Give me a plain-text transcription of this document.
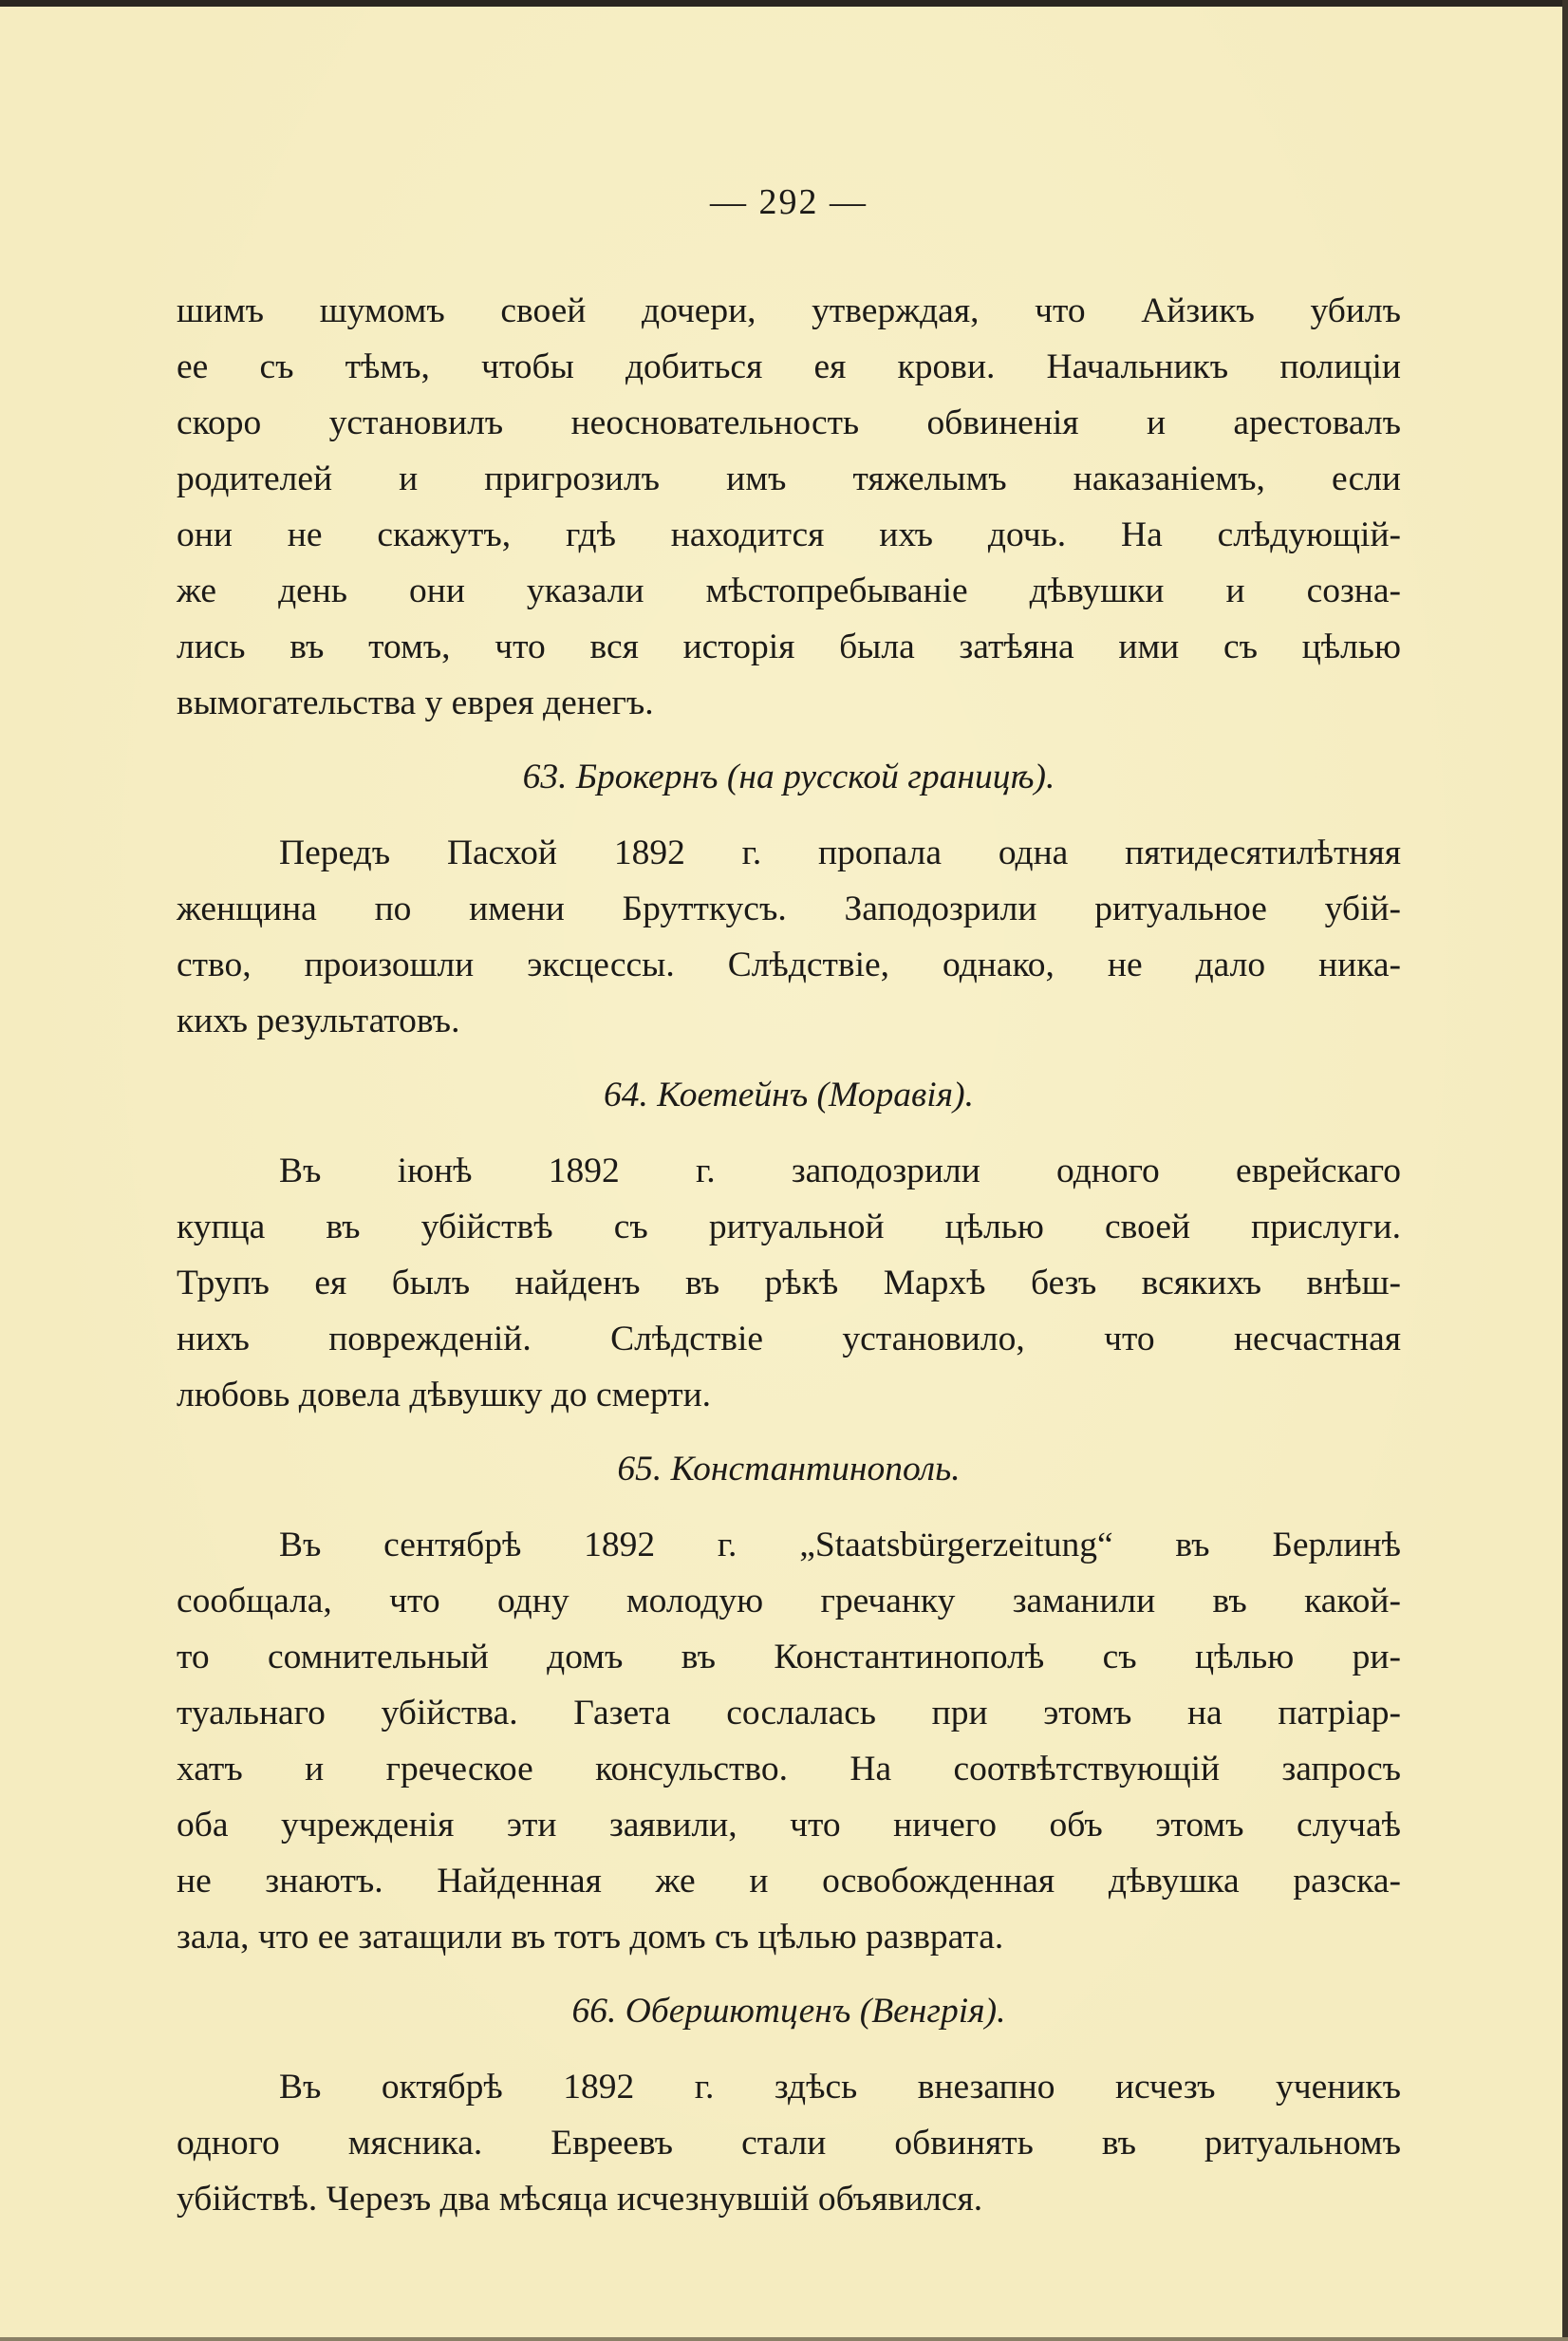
— 292 —
шимъ шумомъ своей дочери, утверждая, что Айзикъ убилъ
ее съ тѣмъ, чтобы добиться ея крови. Начальникъ полиціи
скоро установилъ неосновательность обвиненія и арестовалъ
родителей и пригрозилъ имъ тяжелымъ наказаніемъ, если
они не скажутъ, гдѣ находится ихъ дочь. На слѣдующій-
же день они указали мѣстопребываніе дѣвушки и созна-
лись въ томъ, что вся исторія была затѣяна ими съ цѣлью
вымогательства у еврея денегъ.
63. Брокернъ (на русской границѣ).
Передъ Пасхой 1892 г. пропала одна пятидесятилѣтняя
женщина по имени Брутткусъ. Заподозрили ритуальное убій-
ство, произошли эксцессы. Слѣдствіе, однако, не дало ника-
кихъ результатовъ.
64. Коетейнъ (Моравія).
Въ іюнѣ 1892 г. заподозрили одного еврейскаго
купца въ убійствѣ съ ритуальной цѣлью своей прислуги.
Трупъ ея былъ найденъ въ рѣкѣ Мархѣ безъ всякихъ внѣш-
нихъ поврежденій. Слѣдствіе установило, что несчастная
любовь довела дѣвушку до смерти.
65. Константинополь.
Въ сентябрѣ 1892 г. „Staatsbürgerzeitung“ въ Берлинѣ
сообщала, что одну молодую гречанку заманили въ какой-
то сомнительный домъ въ Константинополѣ съ цѣлью ри-
туальнаго убійства. Газета сослалась при этомъ на патріар-
хатъ и греческое консульство. На соотвѣтствующій запросъ
оба учрежденія эти заявили, что ничего объ этомъ случаѣ
не знаютъ. Найденная же и освобожденная дѣвушка разска-
зала, что ее затащили въ тотъ домъ съ цѣлью разврата.
66. Обершютценъ (Венгрія).
Въ октябрѣ 1892 г. здѣсь внезапно исчезъ ученикъ
одного мясника. Евреевъ стали обвинять въ ритуальномъ
убійствѣ. Черезъ два мѣсяца исчезнувшій объявился.
